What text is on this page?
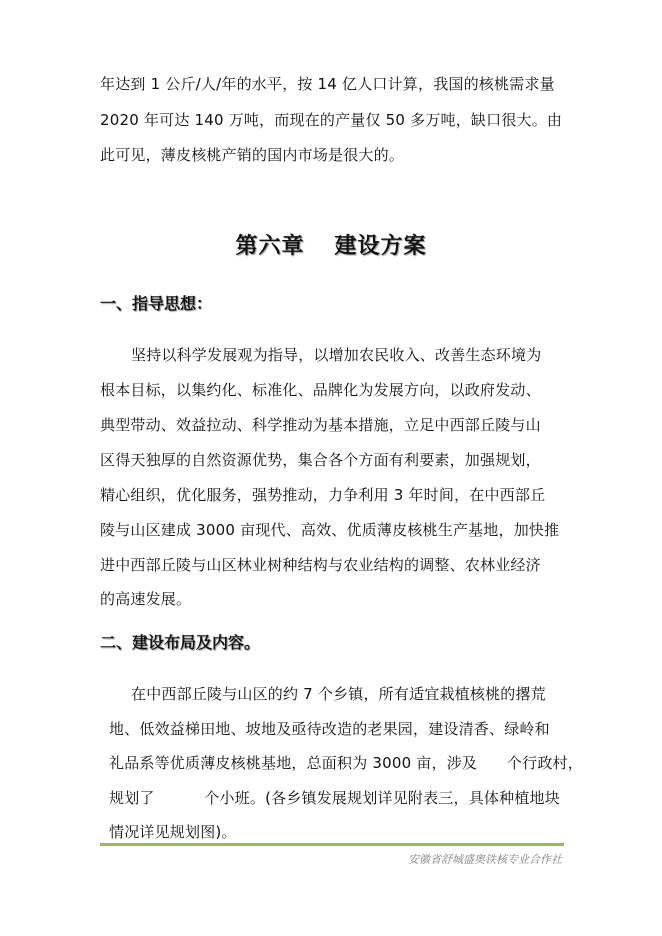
年达到 1 公斤/人/年的水平，按 14 亿人口计算，我国的核桃需求量
2020 年可达 140 万吨，而现在的产量仅 50 多万吨，缺口很大。由
此可见，薄皮核桃产销的国内市场是很大的。
第六章 建设方案
一、指导思想：
坚持以科学发展观为指导，以增加农民收入、改善生态环境为
根本目标，以集约化、标准化、品牌化为发展方向，以政府发动、
典型带动、效益拉动、科学推动为基本措施，立足中西部丘陵与山
区得天独厚的自然资源优势，集合各个方面有利要素，加强规划，
精心组织，优化服务，强势推动，力争利用 3 年时间，在中西部丘
陵与山区建成 3000 亩现代、高效、优质薄皮核桃生产基地，加快推
进中西部丘陵与山区林业树种结构与农业结构的调整、农林业经济
的高速发展。
二、建设布局及内容。
在中西部丘陵与山区的约 7 个乡镇，所有适宜栽植核桃的撂荒
地、低效益梯田地、坡地及亟待改造的老果园，建设清香、绿岭和
礼品系等优质薄皮核桃基地，总面积为 3000 亩，涉及      个行政村，
规划了          个小班。(各乡镇发展规划详见附表三，具体种植地块
情况详见规划图)。
安徽省舒城盛奥铁核专业合作社
